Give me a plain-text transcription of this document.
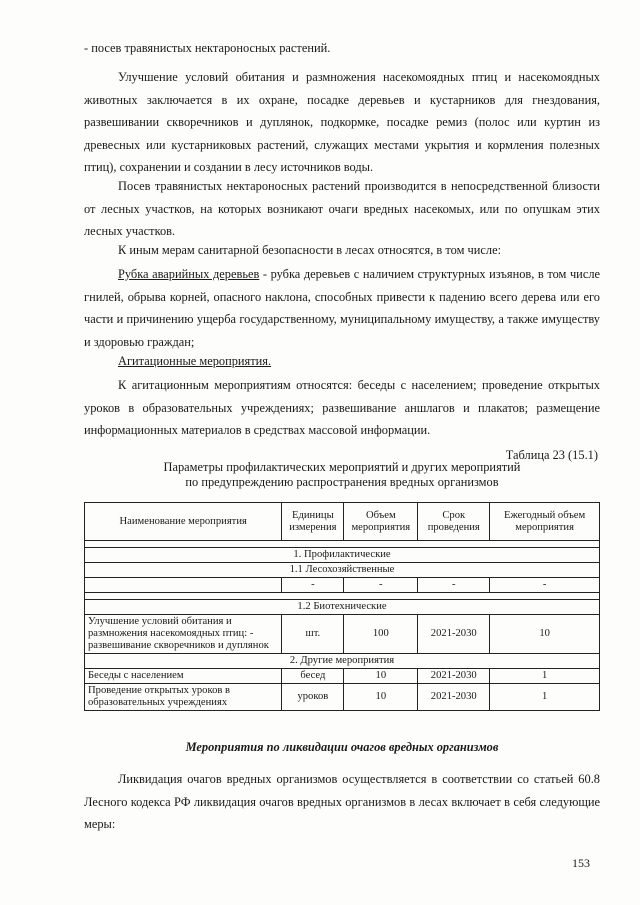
- посев травянистых нектароносных растений.
Улучшение условий обитания и размножения насекомоядных птиц и насекомоядных животных заключается в их охране, посадке деревьев и кустарников для гнездования, развешивании скворечников и дуплянок, подкормке, посадке ремиз (полос или куртин из древесных или кустарниковых растений, служащих местами укрытия и кормления полезных птиц), сохранении и создании в лесу источников воды.
Посев травянистых нектароносных растений производится в непосредственной близости от лесных участков, на которых возникают очаги вредных насекомых, или по опушкам этих лесных участков.
К иным мерам санитарной безопасности в лесах относятся, в том числе:
Рубка аварийных деревьев - рубка деревьев с наличием структурных изъянов, в том числе гнилей, обрыва корней, опасного наклона, способных привести к падению всего дерева или его части и причинению ущерба государственному, муниципальному имуществу, а также имуществу и здоровью граждан;
Агитационные мероприятия.
К агитационным мероприятиям относятся: беседы с населением; проведение открытых уроков в образовательных учреждениях; развешивание аншлагов и плакатов; размещение информационных материалов в средствах массовой информации.
Таблица 23 (15.1)
Параметры профилактических мероприятий и других мероприятий
по предупреждению распространения вредных организмов
Наименование мероприятия	Единицы измерения	Объем мероприятия	Срок проведения	Ежегодный объем мероприятия

1. Профилактические				
1.1 Лесохозяйственные				
	-	-	-	-

1.2 Биотехнические				
Улучшение условий обитания и размножения насекомоядных птиц: - развешивание скворечников и дуплянок	шт.	100	2021-2030	10
2. Другие мероприятия				
Беседы с населением	бесед	10	2021-2030	1
Проведение открытых уроков в образовательных учреждениях	уроков	10	2021-2030	1
Мероприятия по ликвидации очагов вредных организмов
Ликвидация очагов вредных организмов осуществляется в соответствии со статьей 60.8 Лесного кодекса РФ ликвидация очагов вредных организмов в лесах включает в себя следующие меры:
153
